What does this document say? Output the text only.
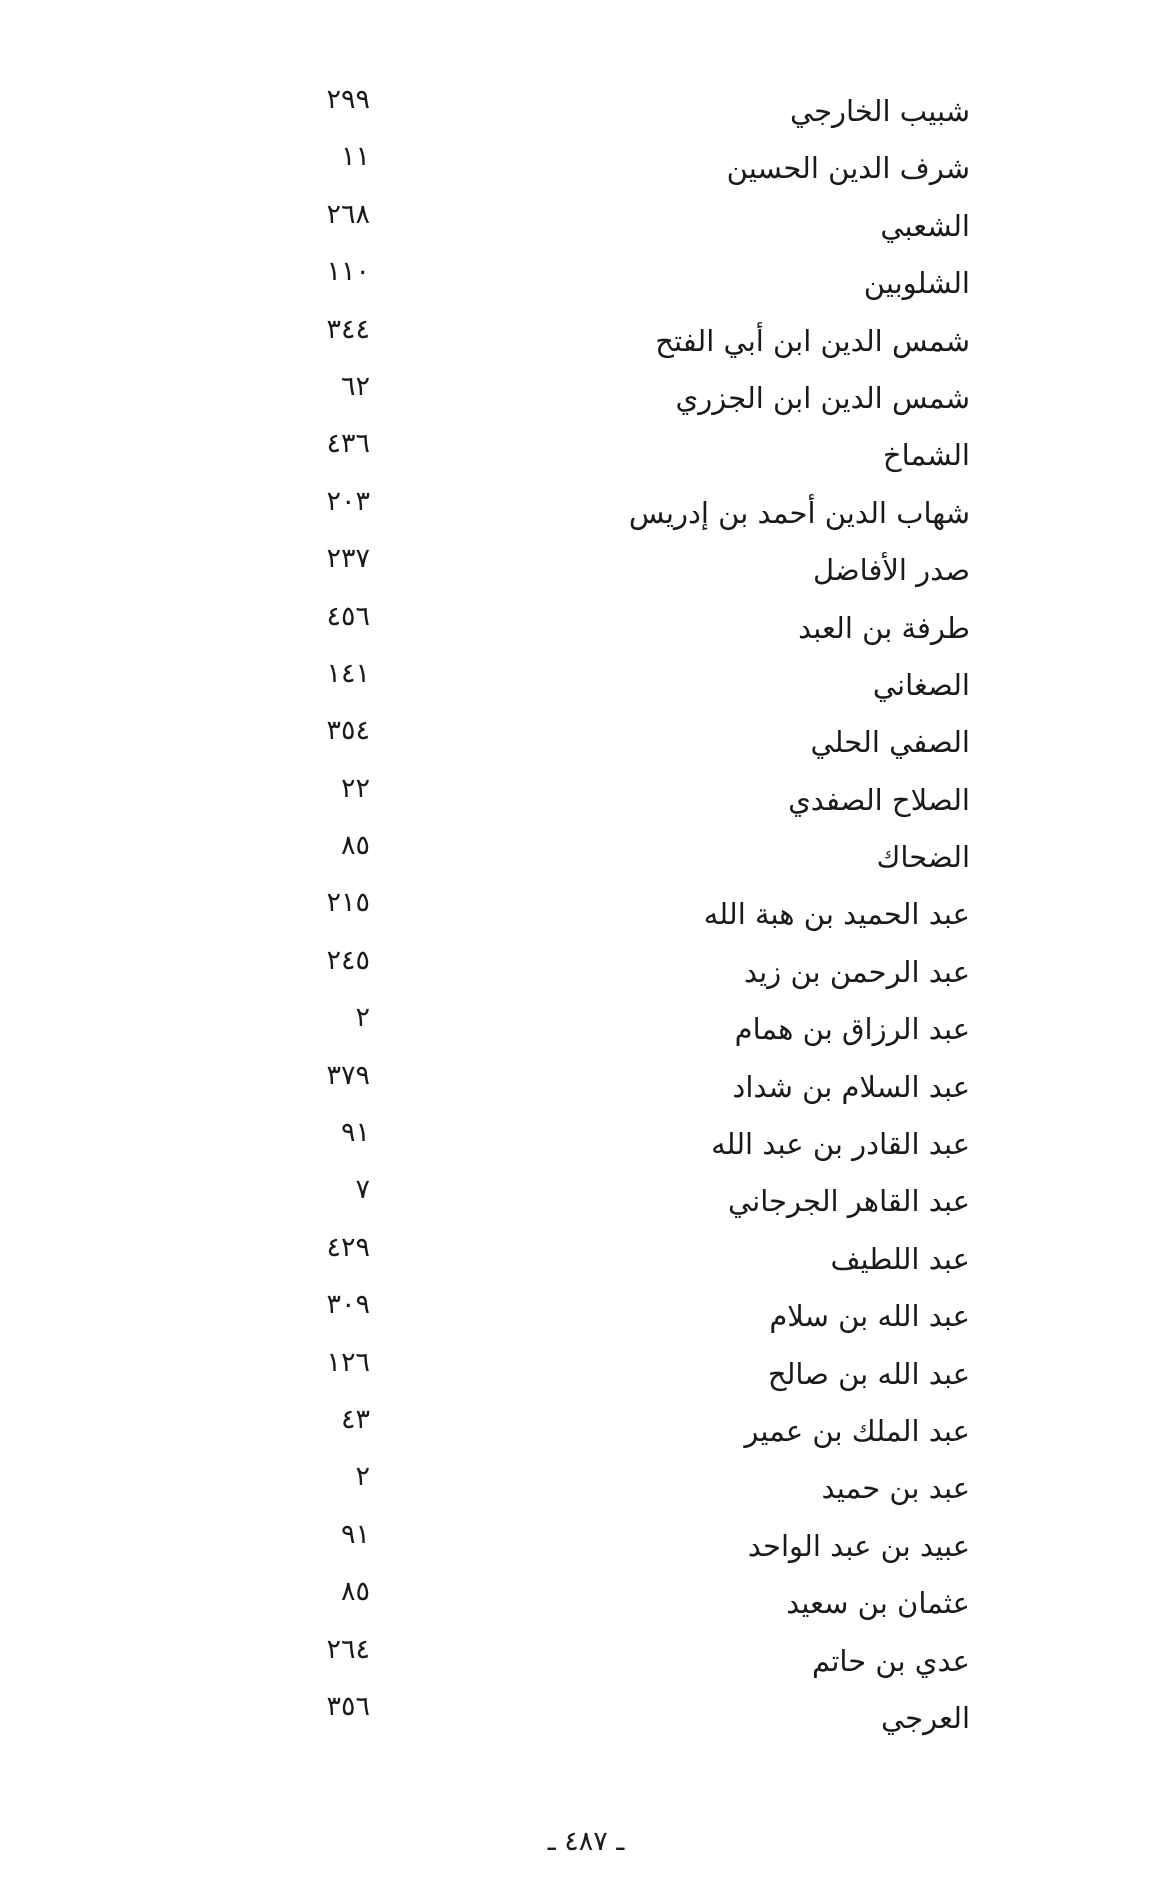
شبيب الخارجي
٢٩٩
شرف الدين الحسين
١١
الشعبي
٢٦٨
الشلوبين
١١٠
شمس الدين ابن أبي الفتح
٣٤٤
شمس الدين ابن الجزري
٦٢
الشماخ
٤٣٦
شهاب الدين أحمد بن إدريس
٢٠٣
صدر الأفاضل
٢٣٧
طرفة بن العبد
٤٥٦
الصغاني
١٤١
الصفي الحلي
٣٥٤
الصلاح الصفدي
٢٢
الضحاك
٨٥
عبد الحميد بن هبة الله
٢١٥
عبد الرحمن بن زيد
٢٤٥
عبد الرزاق بن همام
٢
عبد السلام بن شداد
٣٧٩
عبد القادر بن عبد الله
٩١
عبد القاهر الجرجاني
٧
عبد اللطيف
٤٢٩
عبد الله بن سلام
٣٠٩
عبد الله بن صالح
١٢٦
عبد الملك بن عمير
٤٣
عبد بن حميد
٢
عبيد بن عبد الواحد
٩١
عثمان بن سعيد
٨٥
عدي بن حاتم
٢٦٤
العرجي
٣٥٦
ـ ٤٨٧ ـ
